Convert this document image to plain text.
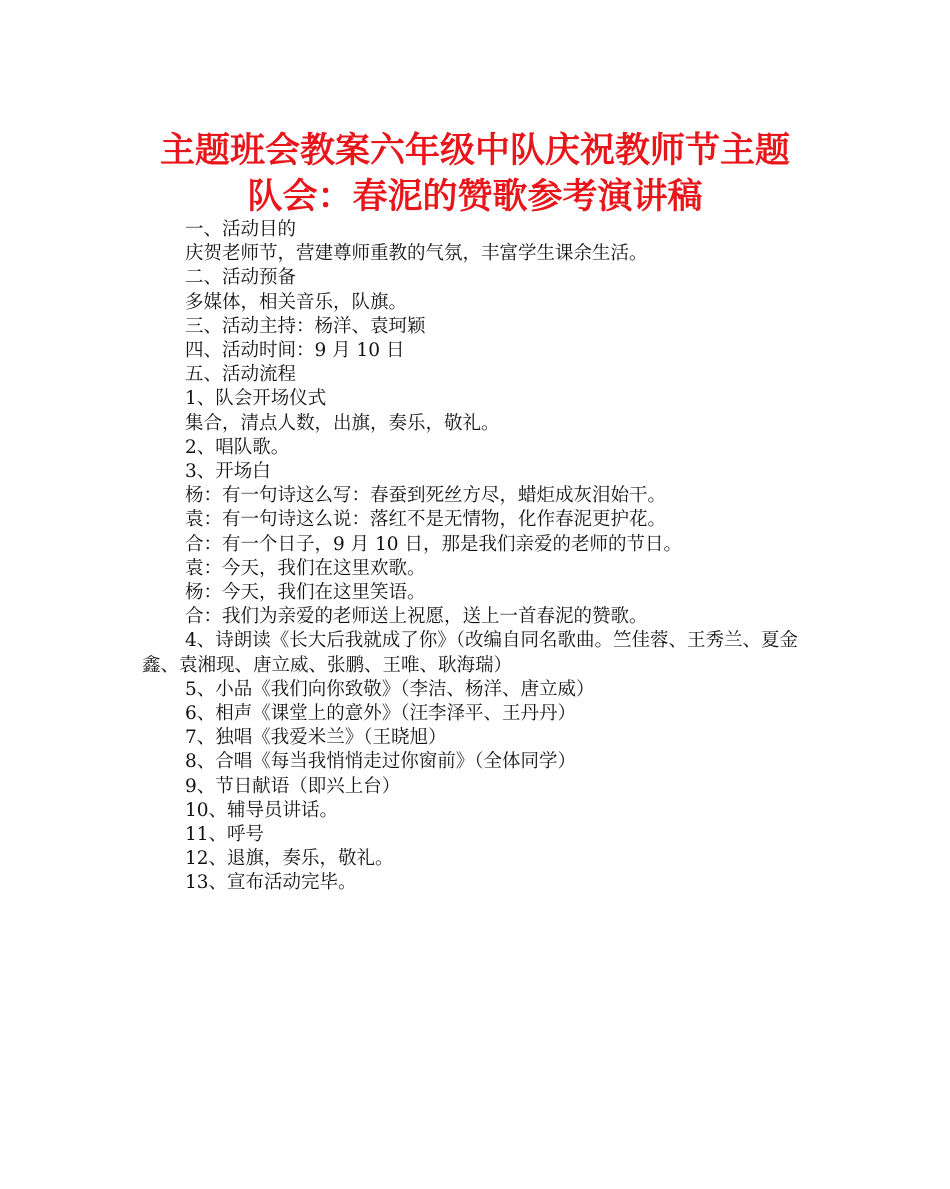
主题班会教案六年级中队庆祝教师节主题
队会：春泥的赞歌参考演讲稿
一、活动目的
庆贺老师节，营建尊师重教的气氛，丰富学生课余生活。
二、活动预备
多媒体，相关音乐，队旗。
三、活动主持：杨洋、袁珂颖
四、活动时间：9 月 10 日
五、活动流程
1、队会开场仪式
集合，清点人数，出旗，奏乐，敬礼。
2、唱队歌。
3、开场白
杨：有一句诗这么写：春蚕到死丝方尽，蜡炬成灰泪始干。
袁：有一句诗这么说：落红不是无情物，化作春泥更护花。
合：有一个日子，9 月 10 日，那是我们亲爱的老师的节日。
袁：今天，我们在这里欢歌。
杨：今天，我们在这里笑语。
合：我们为亲爱的老师送上祝愿，送上一首春泥的赞歌。
4、诗朗读《长大后我就成了你》（改编自同名歌曲。竺佳蓉、王秀兰、夏金鑫、袁湘现、唐立威、张鹏、王唯、耿海瑞）
5、小品《我们向你致敬》（李洁、杨洋、唐立威）
6、相声《课堂上的意外》（汪李泽平、王丹丹）
7、独唱《我爱米兰》（王晓旭）
8、合唱《每当我悄悄走过你窗前》（全体同学）
9、节日献语（即兴上台）
10、辅导员讲话。
11、呼号
12、退旗，奏乐，敬礼。
13、宣布活动完毕。
